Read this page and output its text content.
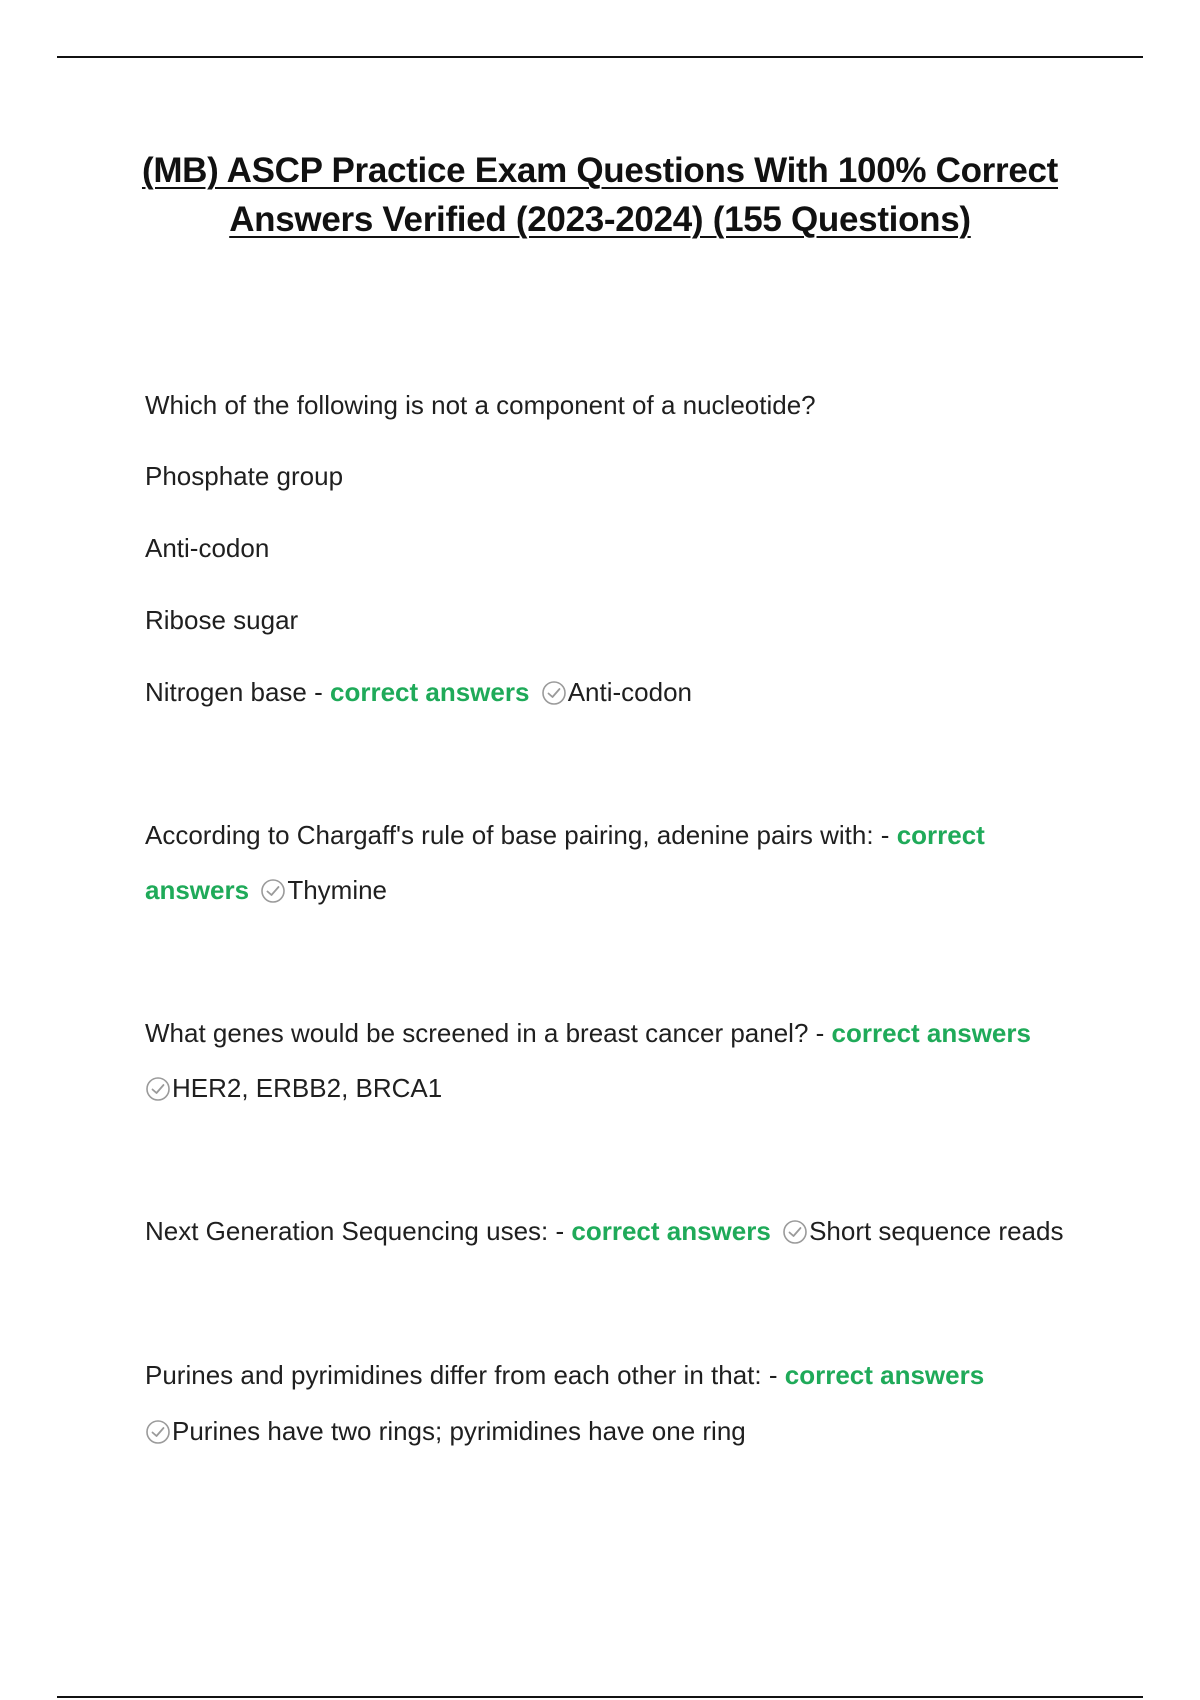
(MB) ASCP Practice Exam Questions With 100% Correct
Answers Verified (2023-2024) (155 Questions)
Which of the following is not a component of a nucleotide?
Phosphate group
Anti-codon
Ribose sugar
Nitrogen base - correct answers Anti-codon
According to Chargaff's rule of base pairing, adenine pairs with: - correct
answers Thymine
What genes would be screened in a breast cancer panel? - correct answers
HER2, ERBB2, BRCA1
Next Generation Sequencing uses: - correct answers Short sequence reads
Purines and pyrimidines differ from each other in that: - correct answers
Purines have two rings; pyrimidines have one ring
